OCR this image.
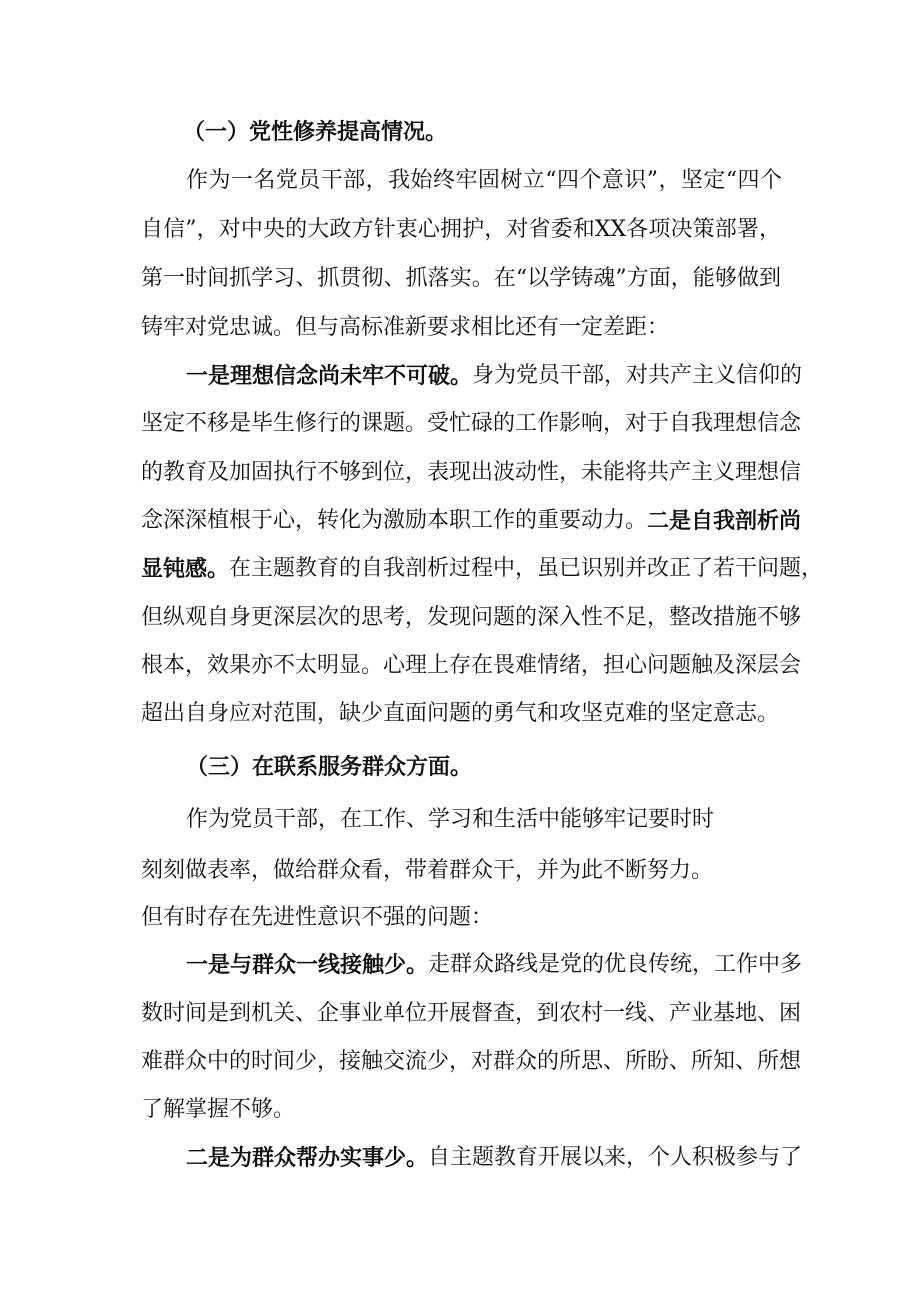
（一）党性修养提高情况。
作为一名党员干部，我始终牢固树立“四个意识”，坚定“四个
自信”，对中央的大政方针衷心拥护，对省委和XX各项决策部署，
第一时间抓学习、抓贯彻、抓落实。在“以学铸魂”方面，能够做到
铸牢对党忠诚。但与高标准新要求相比还有一定差距：
一是理想信念尚未牢不可破。 身为党员干部，对共产主义信仰的
坚定不移是毕生修行的课题。受忙碌的工作影响，对于自我理想信念
的教育及加固执行不够到位，表现出波动性，未能将共产主义理想信
念深深植根于心，转化为激励本职工作的重要动力。 二是自我剖析尚
显钝感。 在主题教育的自我剖析过程中，虽已识别并改正了若干问题，
但纵观自身更深层次的思考，发现问题的深入性不足，整改措施不够
根本，效果亦不太明显。心理上存在畏难情绪，担心问题触及深层会
超出自身应对范围，缺少直面问题的勇气和攻坚克难的坚定意志。
（三）在联系服务群众方面。
作为党员干部，在工作、学习和生活中能够牢记要时时
刻刻做表率，做给群众看，带着群众干，并为此不断努力。
但有时存在先进性意识不强的问题：
一是与群众一线接触少。 走群众路线是党的优良传统，工作中多
数时间是到机关、企事业单位开展督查，到农村一线、产业基地、困
难群众中的时间少，接触交流少，对群众的所思、所盼、所知、所想
了解掌握不够。
二是为群众帮办实事少。 自主题教育开展以来，个人积极参与了
